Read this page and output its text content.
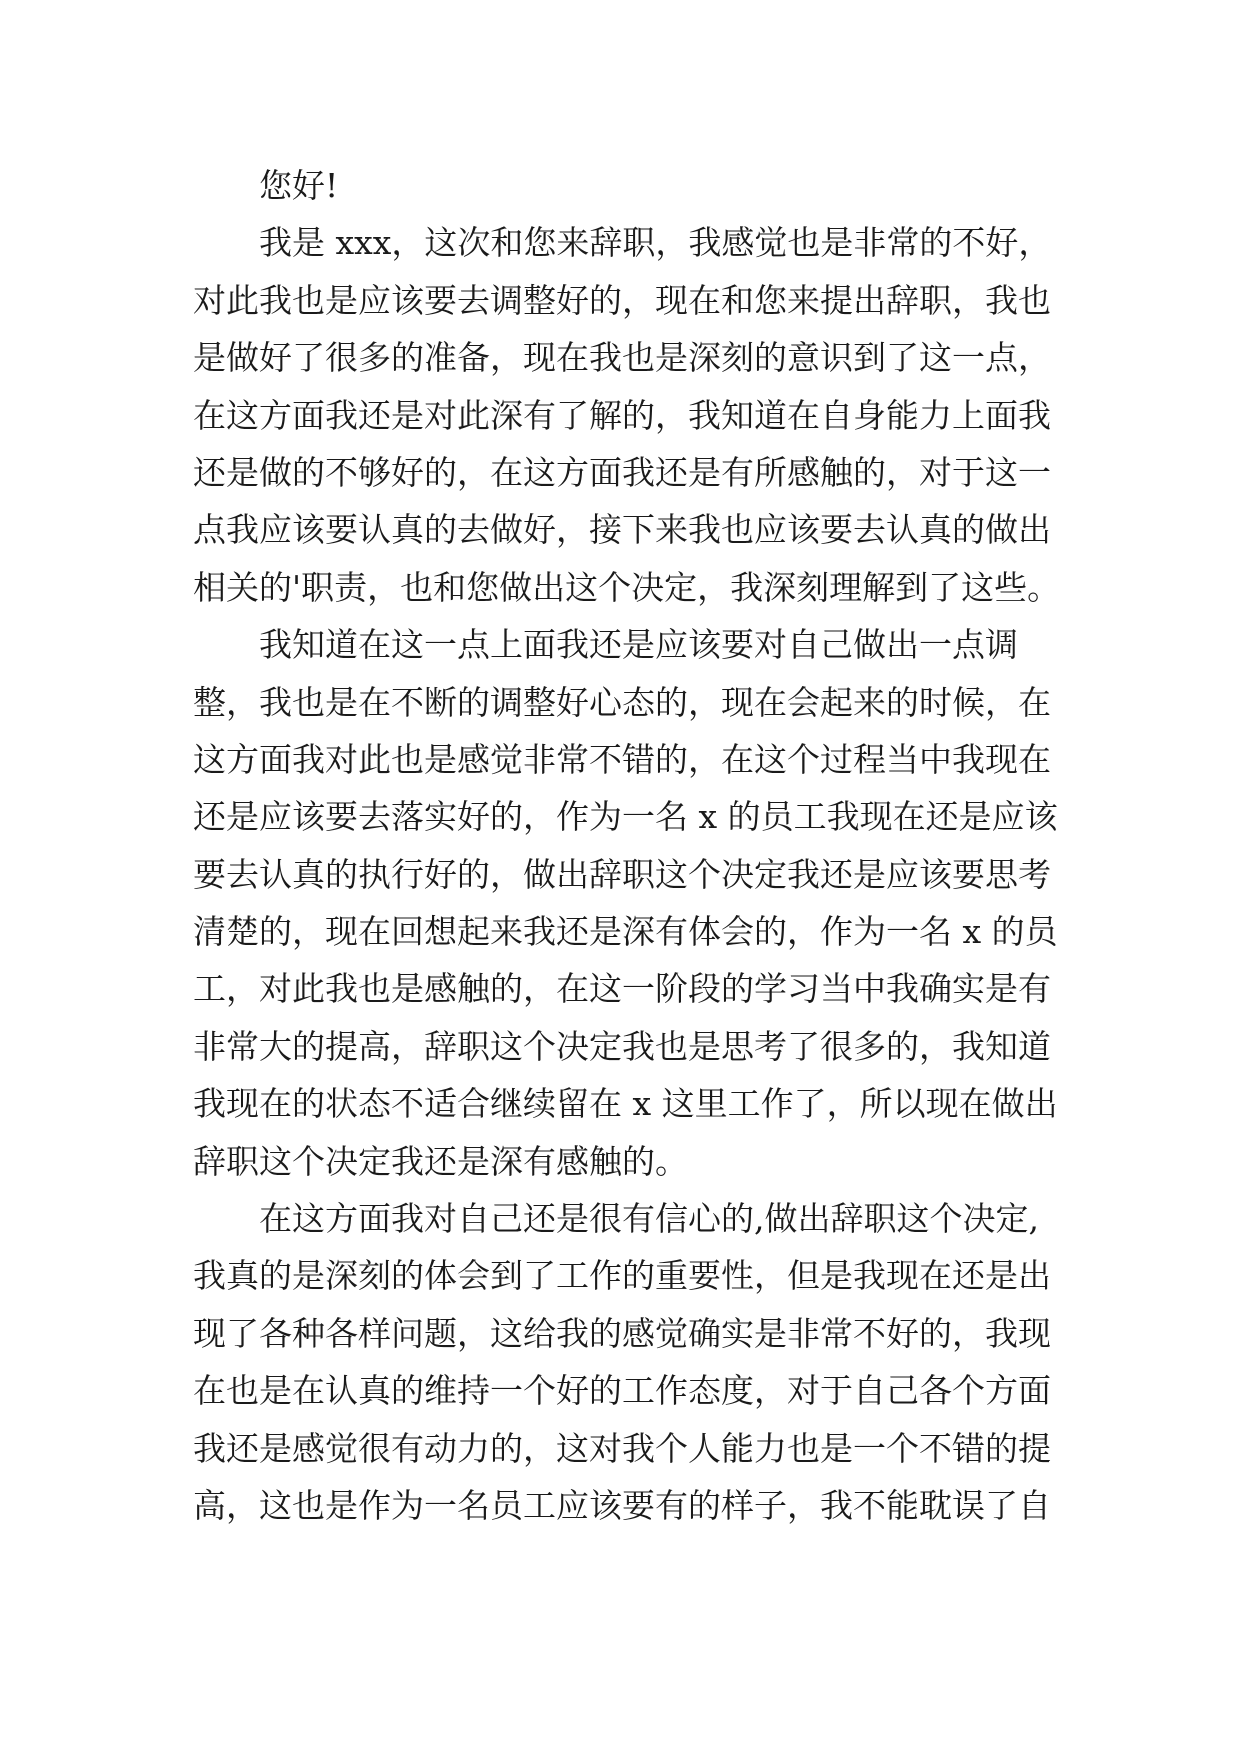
您好!
我是 xxx，这次和您来辞职，我感觉也是非常的不好，
对此我也是应该要去调整好的，现在和您来提出辞职，我也
是做好了很多的准备，现在我也是深刻的意识到了这一点，
在这方面我还是对此深有了解的，我知道在自身能力上面我
还是做的不够好的，在这方面我还是有所感触的，对于这一
点我应该要认真的去做好，接下来我也应该要去认真的做出
相关的'职责，也和您做出这个决定，我深刻理解到了这些。
我知道在这一点上面我还是应该要对自己做出一点调
整，我也是在不断的调整好心态的，现在会起来的时候，在
这方面我对此也是感觉非常不错的，在这个过程当中我现在
还是应该要去落实好的，作为一名 x 的员工我现在还是应该
要去认真的执行好的，做出辞职这个决定我还是应该要思考
清楚的，现在回想起来我还是深有体会的，作为一名 x 的员
工，对此我也是感触的，在这一阶段的学习当中我确实是有
非常大的提高，辞职这个决定我也是思考了很多的，我知道
我现在的状态不适合继续留在 x 这里工作了，所以现在做出
辞职这个决定我还是深有感触的。
在这方面我对自己还是很有信心的,做出辞职这个决定,
我真的是深刻的体会到了工作的重要性，但是我现在还是出
现了各种各样问题，这给我的感觉确实是非常不好的，我现
在也是在认真的维持一个好的工作态度，对于自己各个方面
我还是感觉很有动力的，这对我个人能力也是一个不错的提
高，这也是作为一名员工应该要有的样子，我不能耽误了自
